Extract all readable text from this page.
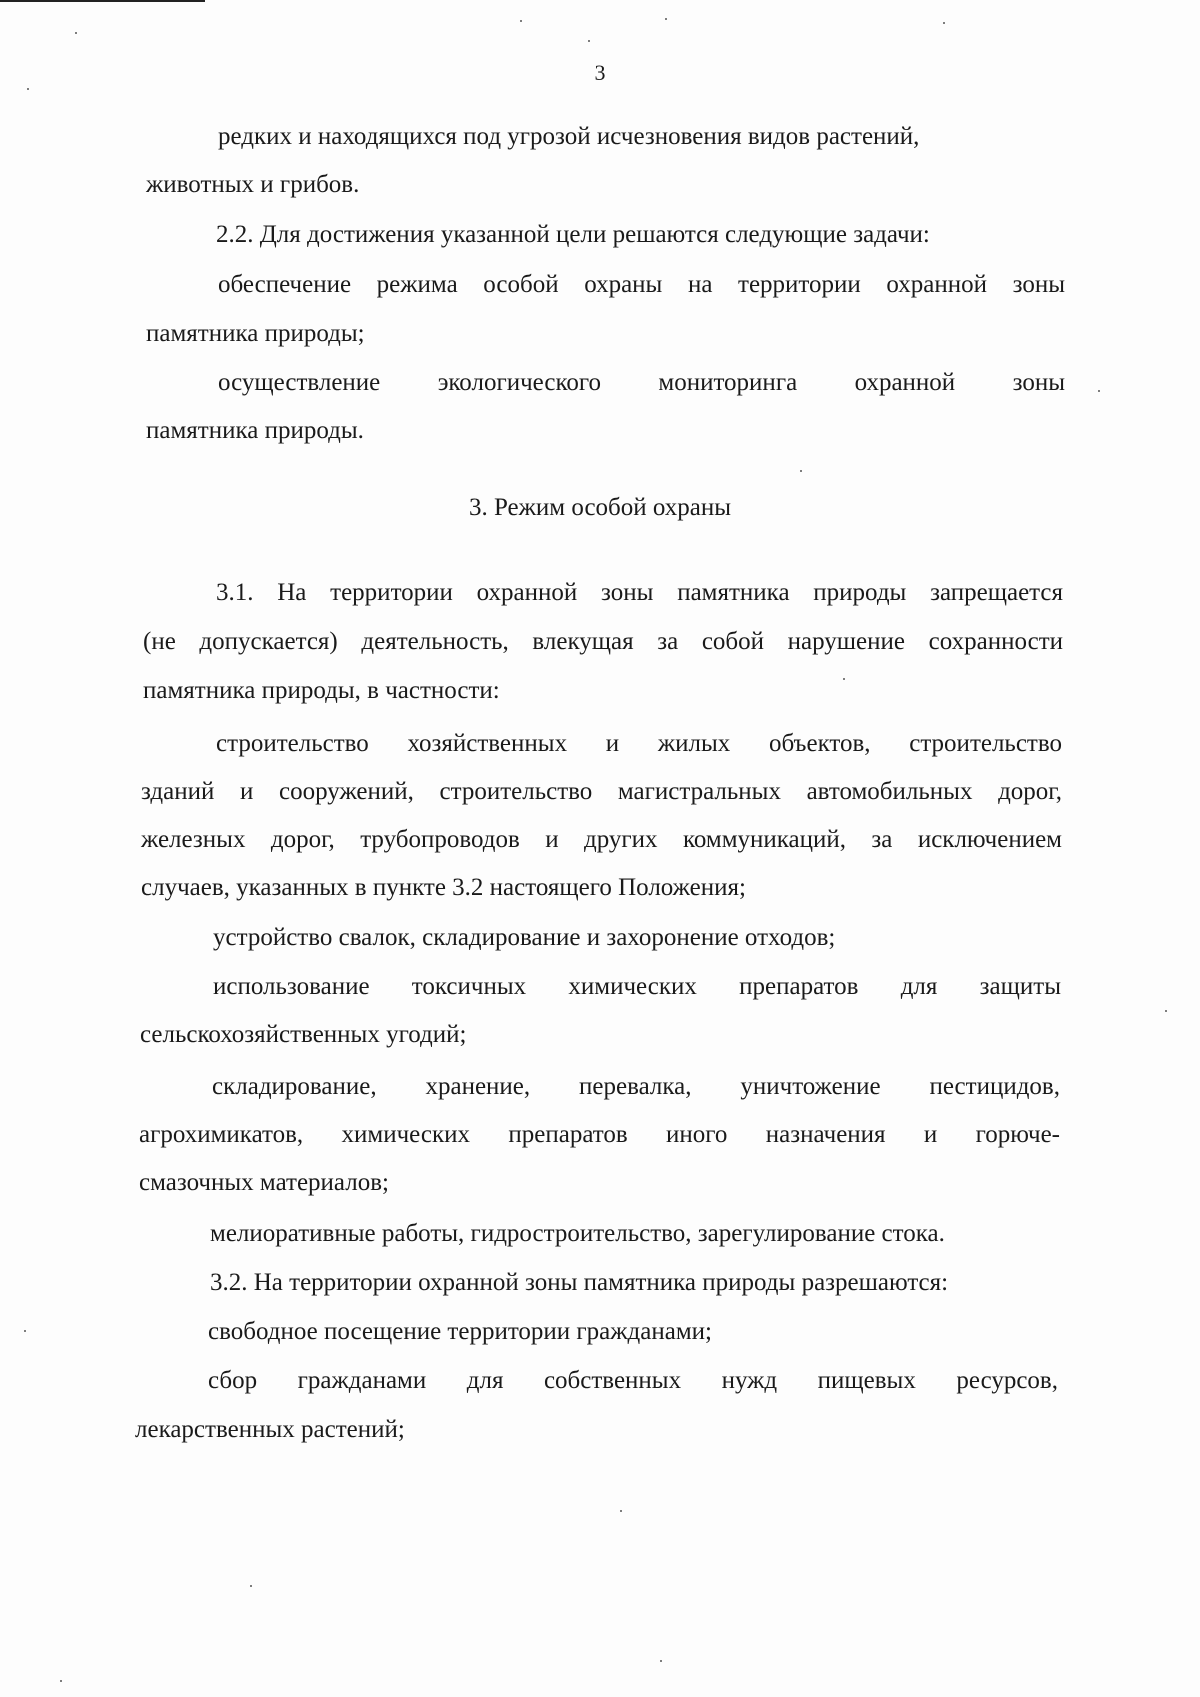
3
редких и находящихся под угрозой исчезновения видов растений,
животных и грибов.
2.2. Для достижения указанной цели решаются следующие задачи:
обеспечение режима особой охраны на территории охранной зоны
памятника природы;
осуществление экологического мониторинга охранной зоны
памятника природы.
3. Режим особой охраны
3.1. На территории охранной зоны памятника природы запрещается
(не допускается) деятельность, влекущая за собой нарушение сохранности
памятника природы, в частности:
строительство хозяйственных и жилых объектов, строительство
зданий и сооружений, строительство магистральных автомобильных дорог,
железных дорог, трубопроводов и других коммуникаций, за исключением
случаев, указанных в пункте 3.2 настоящего Положения;
устройство свалок, складирование и захоронение отходов;
использование токсичных химических препаратов для защиты
сельскохозяйственных угодий;
складирование, хранение, перевалка, уничтожение пестицидов,
агрохимикатов, химических препаратов иного назначения и горюче-
смазочных материалов;
мелиоративные работы, гидростроительство, зарегулирование стока.
3.2. На территории охранной зоны памятника природы разрешаются:
свободное посещение территории гражданами;
сбор гражданами для собственных нужд пищевых ресурсов,
лекарственных растений;
